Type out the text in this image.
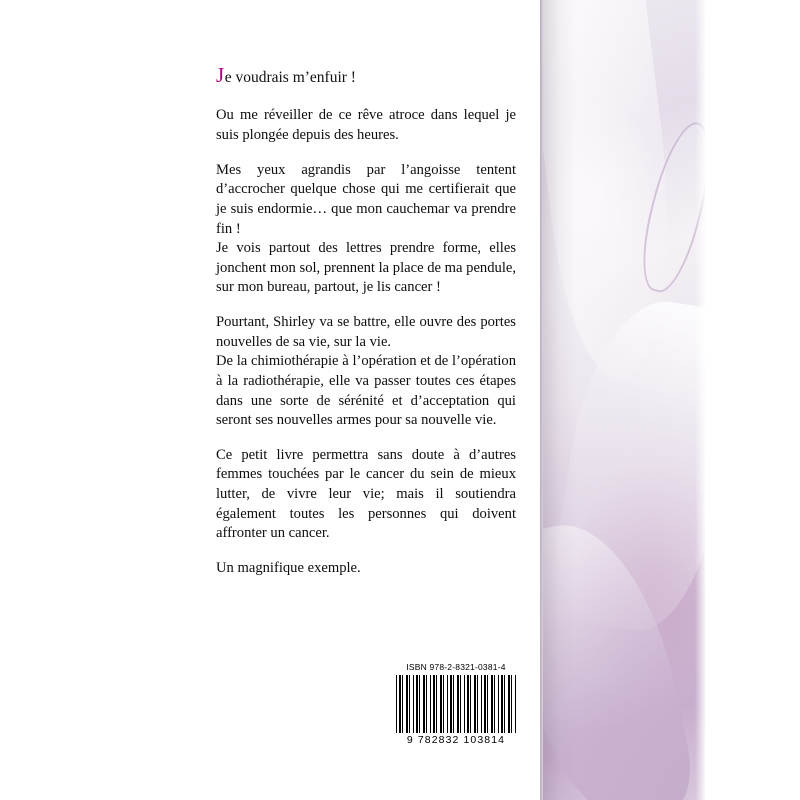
Je voudrais m’enfuir !

Ou me réveiller de ce rêve atroce dans lequel je suis plongée depuis des heures.

Mes yeux agrandis par l’angoisse tentent d’accrocher quelque chose qui me certifierait que je suis endormie… que mon cauchemar va prendre fin !

Je vois partout des lettres prendre forme, elles jonchent mon sol, prennent la place de ma pendule, sur mon bureau, partout, je lis cancer !

Pourtant, Shirley va se battre, elle ouvre des portes nouvelles de sa vie, sur la vie.

De la chimiothérapie à l’opération et de l’opération à la radiothérapie, elle va passer toutes ces étapes dans une sorte de sérénité et d’acceptation qui seront ses nouvelles armes pour sa nouvelle vie.

Ce petit livre permettra sans doute à d’autres femmes touchées par le cancer du sein de mieux lutter, de vivre leur vie; mais il soutiendra également toutes les personnes qui doivent affronter un cancer.

Un magnifique exemple.

ISBN 978-2-8321-0381-4
9 782832 103814
